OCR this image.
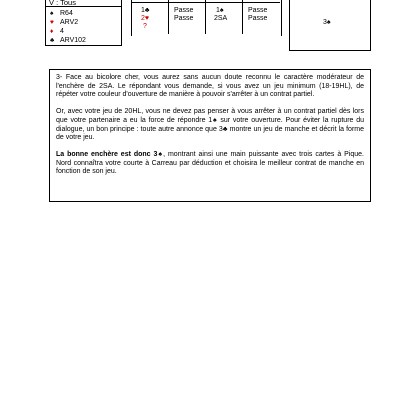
V : Tous
♠ R64
♥ ARV2
♦ 4
♣ ARV102
1♣
2♥
?
Passe
Passe
1♠
2SA
Passe
Passe
3♠

3- Face au bicolore cher, vous aurez sans aucun doute reconnu le caractère modérateur de l'enchère de 2SA. Le répondant vous demande, si vous avez un jeu minimum (18-19HL), de répéter votre couleur d'ouverture de manière à pouvoir s'arrêter à un contrat partiel.

Or, avec votre jeu de 20HL, vous ne devez pas penser à vous arrêter à un contrat partiel dès lors que votre partenaire a eu la force de répondre 1♠ sur votre ouverture. Pour éviter la rupture du dialogue, un bon principe : toute autre annonce que 3♣ montre un jeu de manche et décrit la forme de votre jeu.

La bonne enchère est donc 3♠, montrant ainsi une main puissante avec trois cartes à Pique. Nord connaîtra votre courte à Carreau par déduction et choisira le meilleur contrat de manche en fonction de son jeu.
